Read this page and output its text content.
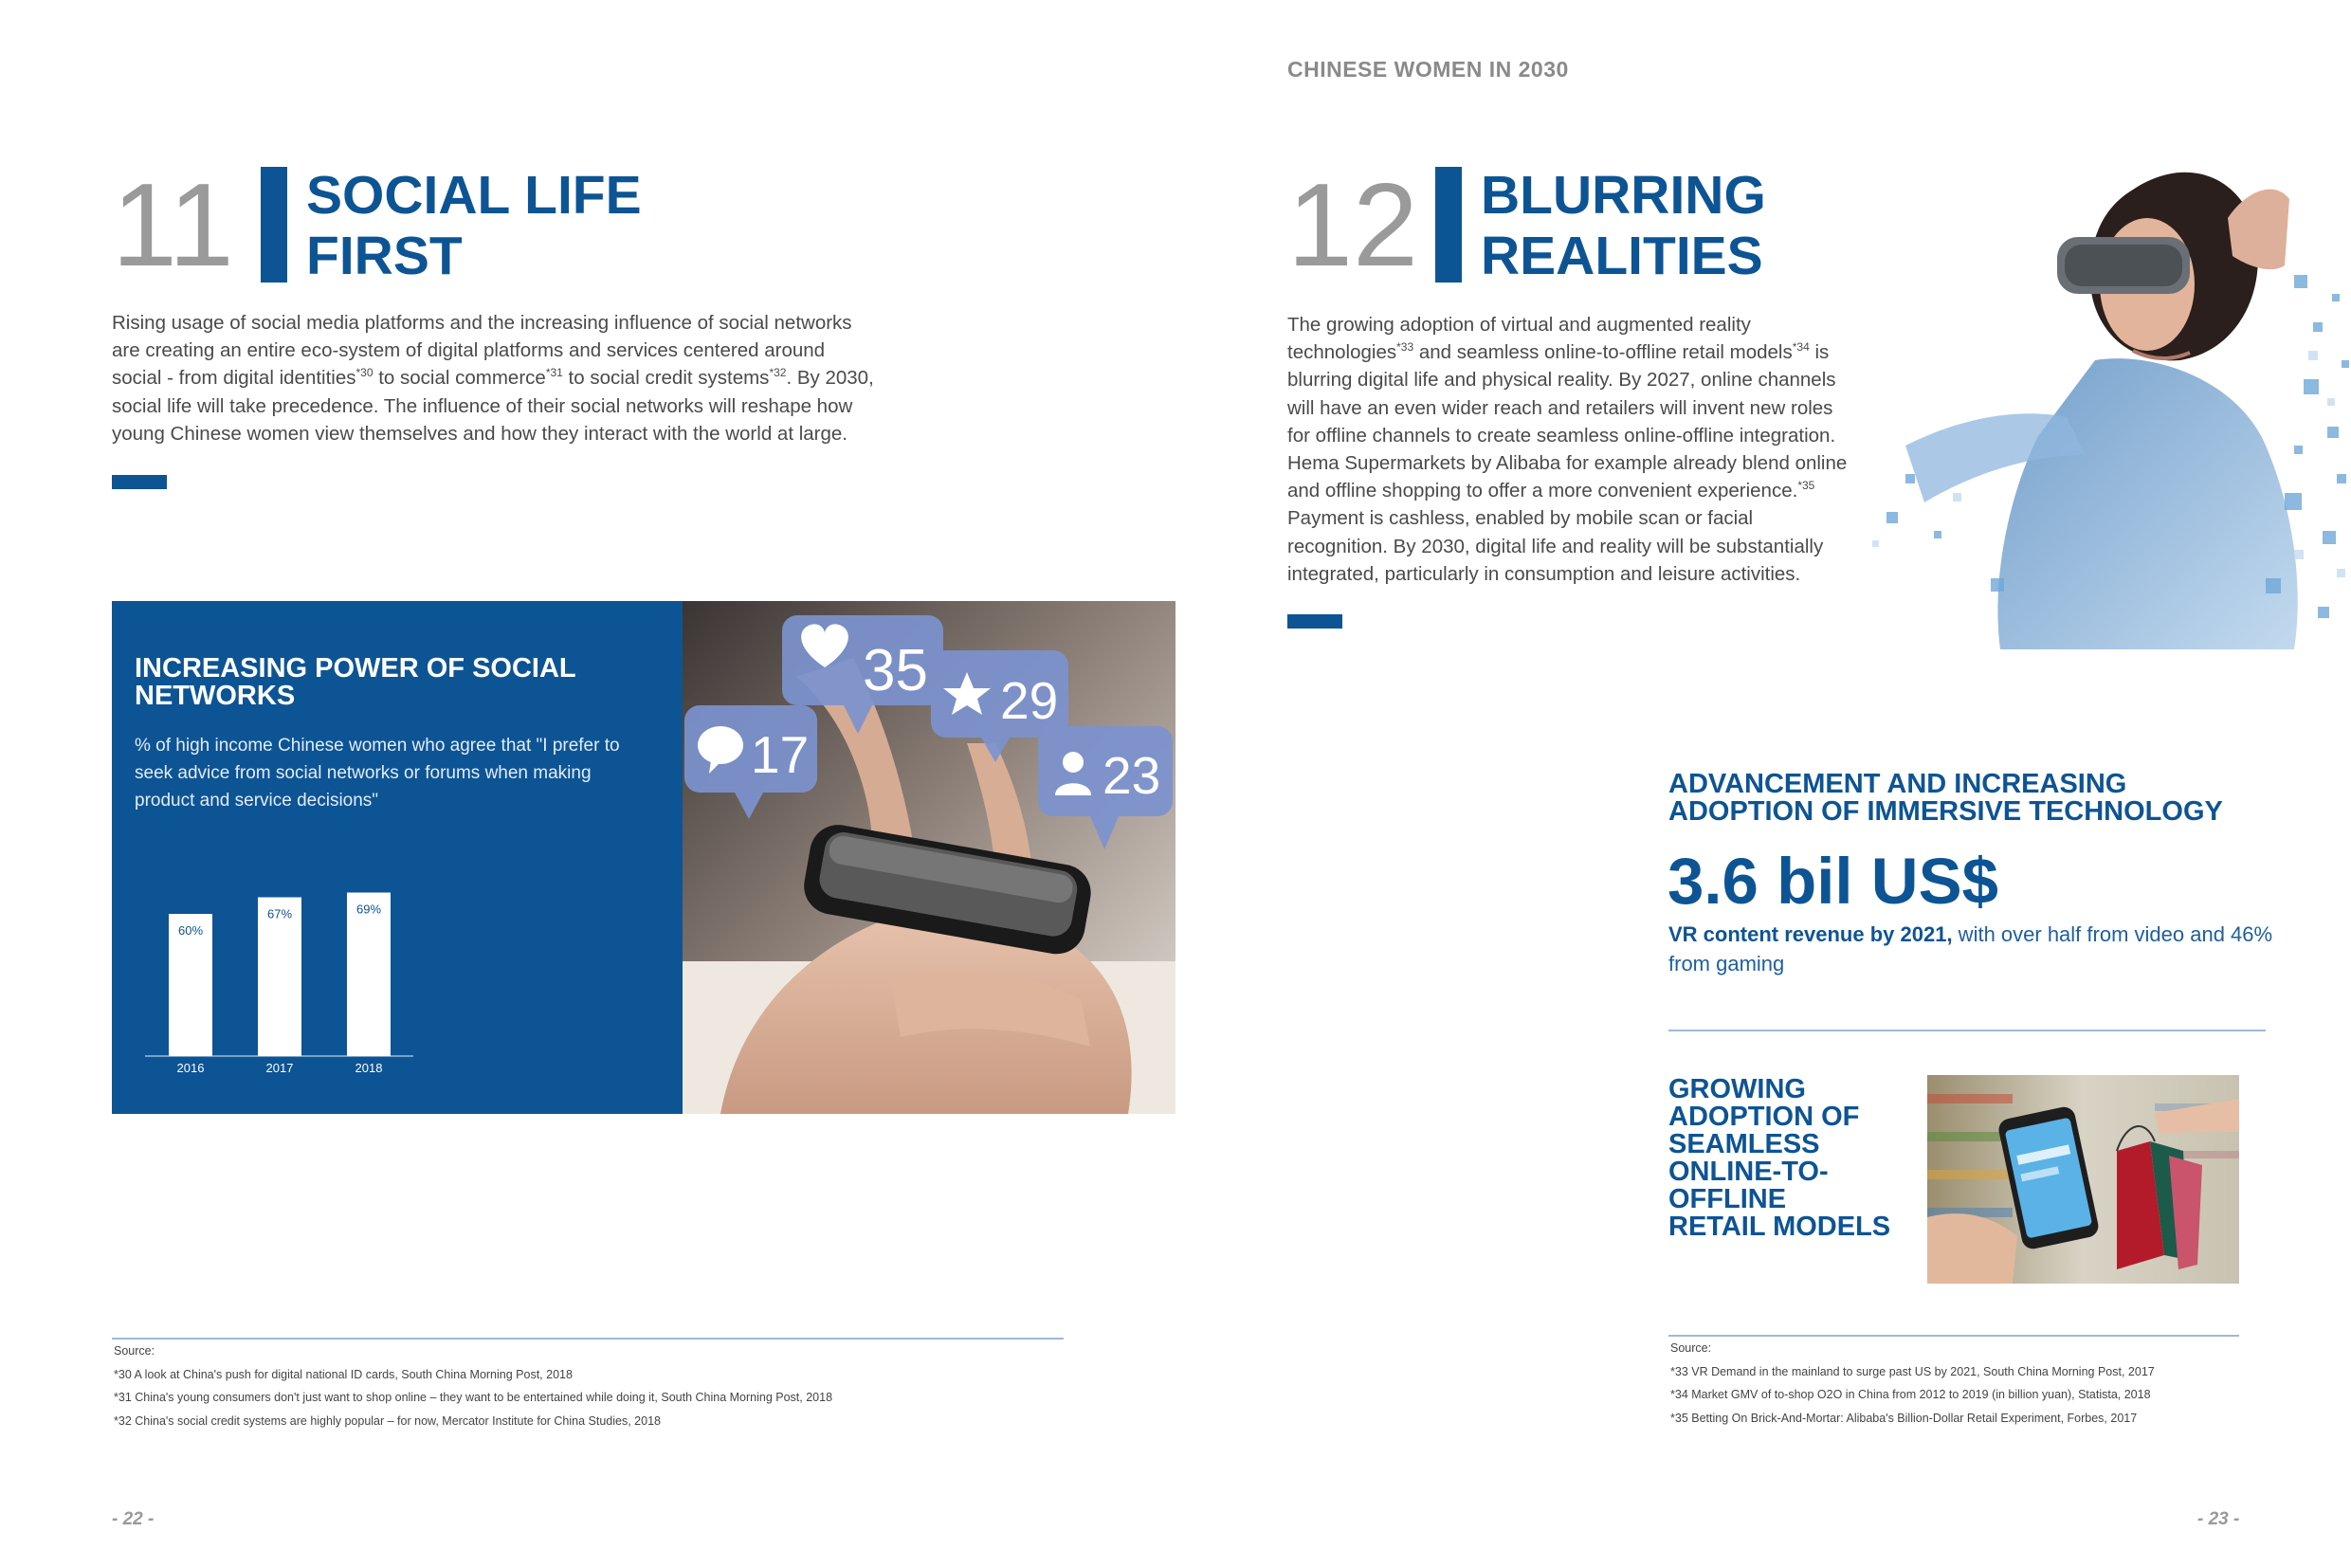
CHINESE WOMEN IN 2030
11 SOCIAL LIFE
FIRST
Rising usage of social media platforms and the increasing influence of social networks are creating an entire eco-system of digital platforms and services centered around social - from digital identities$^{*30}$ to social commerce$^{*31}$ to social credit systems$^{*32}$. By 2030, social life will take precedence. The influence of their social networks will reshape how young Chinese women view themselves and how they interact with the world at large.
INCREASING POWER OF SOCIAL NETWORKS
% of high income Chinese women who agree that "I prefer to seek advice from social networks or forums when making product and service decisions"
60%
2016
67%
2017
69%
2018
35 29
17	23
Source:
*30 A look at China's push for digital national ID cards, South China Morning Post, 2018
*31 China's young consumers don't just want to shop online – they want to be entertained while doing it, South China Morning Post, 2018
*32 China's social credit systems are highly popular – for now, Mercator Institute for China Studies, 2018
- 22 -
12 BLURRING
REALITIES
The growing adoption of virtual and augmented reality technologies$^{*33}$ and seamless online-to-offline retail models$^{*34}$ is blurring digital life and physical reality. By 2027, online channels will have an even wider reach and retailers will invent new roles for offline channels to create seamless online-offline integration. Hema Supermarkets by Alibaba for example already blend online and offline shopping to offer a more convenient experience.$^{*35}$ Payment is cashless, enabled by mobile scan or facial recognition. By 2030, digital life and reality will be substantially integrated, particularly in consumption and leisure activities.
ADVANCEMENT AND INCREASING
ADOPTION OF IMMERSIVE TECHNOLOGY
3.6 bil US$
VR content revenue by 2021, with over half from video and 46% from gaming
GROWING
ADOPTION OF
SEAMLESS
ONLINE-TO-OFFLINE
RETAIL MODELS
Source:
*33 VR Demand in the mainland to surge past US by 2021, South China Morning Post, 2017
*34 Market GMV of to-shop O2O in China from 2012 to 2019 (in billion yuan), Statista, 2018
*35 Betting On Brick-And-Mortar: Alibaba's Billion-Dollar Retail Experiment, Forbes, 2017
- 23 -
